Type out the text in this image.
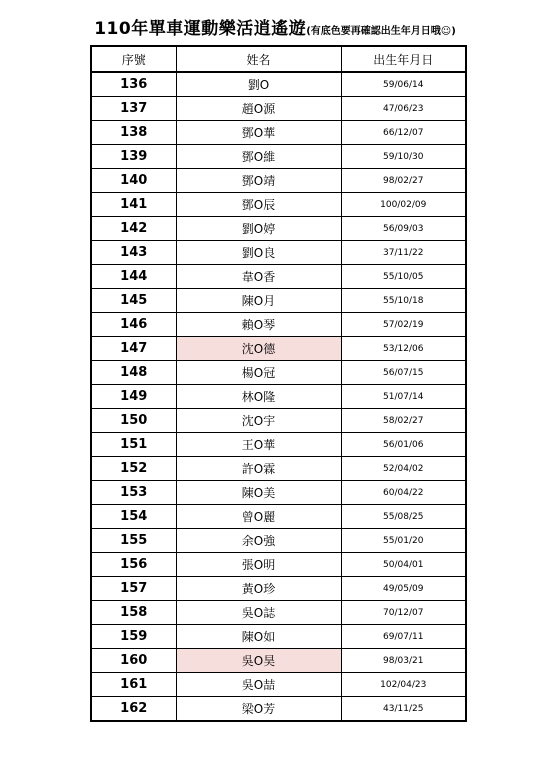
110年單車運動樂活逍遙遊(有底色要再確認出生年月日哦☺)
序號	姓名	出生年月日
136	劉O	59/06/14
137	趙O源	47/06/23
138	鄧O華	66/12/07
139	鄧O維	59/10/30
140	鄧O靖	98/02/27
141	鄧O辰	100/02/09
142	劉O婷	56/09/03
143	劉O良	37/11/22
144	韋O香	55/10/05
145	陳O月	55/10/18
146	賴O琴	57/02/19
147	沈O德	53/12/06
148	楊O冠	56/07/15
149	林O隆	51/07/14
150	沈O宇	58/02/27
151	王O華	56/01/06
152	許O霖	52/04/02
153	陳O美	60/04/22
154	曾O麗	55/08/25
155	余O強	55/01/20
156	張O明	50/04/01
157	黃O珍	49/05/09
158	吳O誌	70/12/07
159	陳O如	69/07/11
160	吳O昊	98/03/21
161	吳O喆	102/04/23
162	梁O芳	43/11/25
